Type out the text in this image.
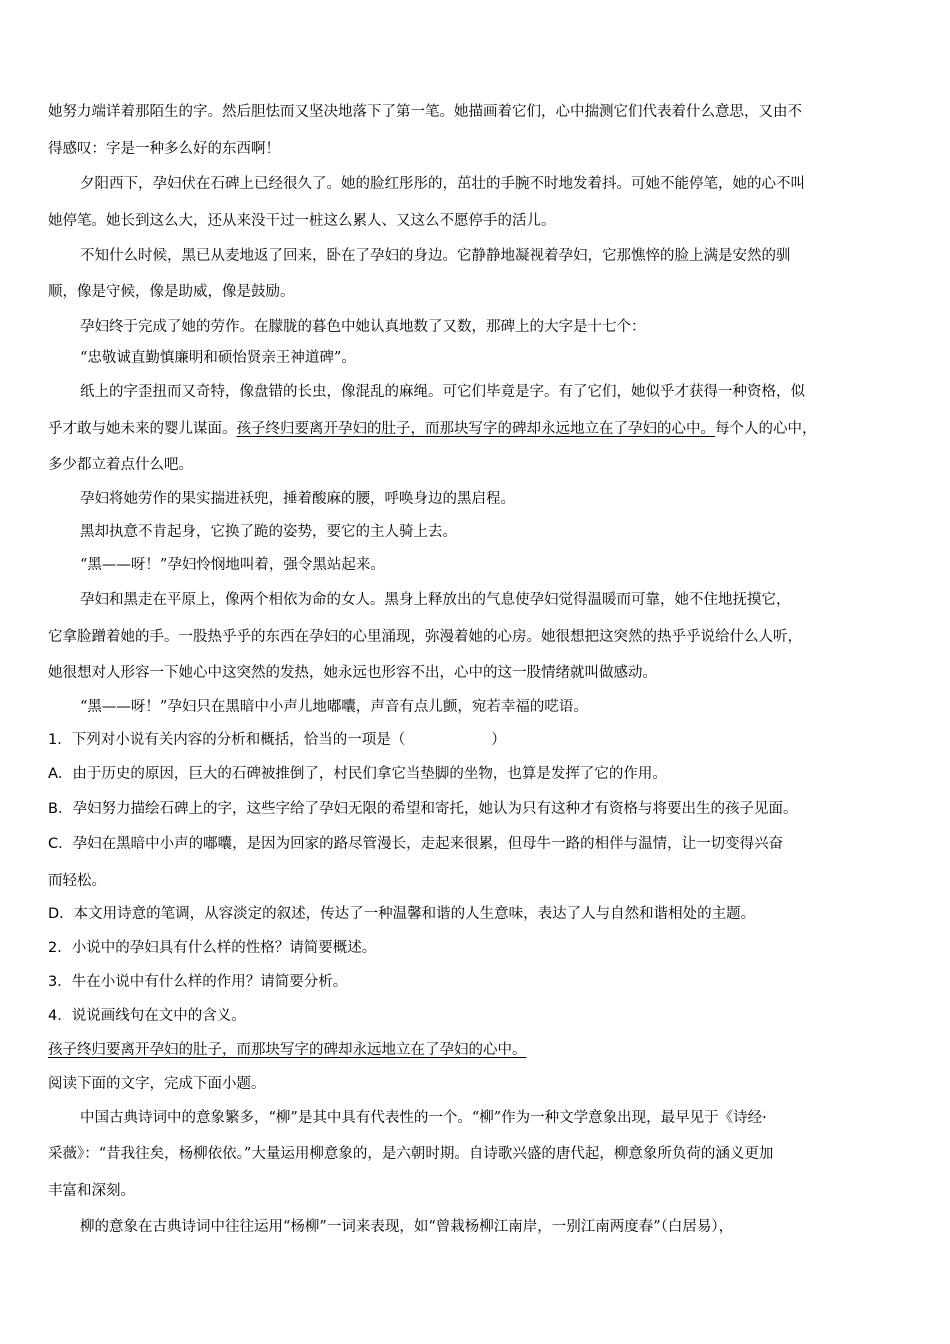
她努力端详着那陌生的字。然后胆怯而又坚决地落下了第一笔。她描画着它们，心中揣测它们代表着什么意思，又由不

得感叹：字是一种多么好的东西啊！

夕阳西下，孕妇伏在石碑上已经很久了。她的脸红彤彤的，茁壮的手腕不时地发着抖。可她不能停笔，她的心不叫

她停笔。她长到这么大，还从来没干过一桩这么累人、又这么不愿停手的活儿。

不知什么时候，黑已从麦地返了回来，卧在了孕妇的身边。它静静地凝视着孕妇，它那憔悴的脸上满是安然的驯

顺，像是守候，像是助威，像是鼓励。

孕妇终于完成了她的劳作。在朦胧的暮色中她认真地数了又数，那碑上的大字是十七个：

“忠敬诚直勤慎廉明和硕怡贤亲王神道碑”。

纸上的字歪扭而又奇特，像盘错的长虫，像混乱的麻绳。可它们毕竟是字。有了它们，她似乎才获得一种资格，似

乎才敢与她未来的婴儿谋面。孩子终归要离开孕妇的肚子，而那块写字的碑却永远地立在了孕妇的心中。每个人的心中，

多少都立着点什么吧。

孕妇将她劳作的果实揣进袄兜，捶着酸麻的腰，呼唤身边的黑启程。

黑却执意不肯起身，它换了跪的姿势，要它的主人骑上去。

“黑——呀！”孕妇怜悯地叫着，强令黑站起来。

孕妇和黑走在平原上，像两个相依为命的女人。黑身上释放出的气息使孕妇觉得温暖而可靠，她不住地抚摸它，

它拿脸蹭着她的手。一股热乎乎的东西在孕妇的心里涌现，弥漫着她的心房。她很想把这突然的热乎乎说给什么人听，

她很想对人形容一下她心中这突然的发热，她永远也形容不出，心中的这一股情绪就叫做感动。

“黑——呀！”孕妇只在黑暗中小声儿地嘟囔，声音有点儿颤，宛若幸福的呓语。

1．下列对小说有关内容的分析和概括，恰当的一项是（	）

A．由于历史的原因，巨大的石碑被推倒了，村民们拿它当垫脚的坐物，也算是发挥了它的作用。

B．孕妇努力描绘石碑上的字，这些字给了孕妇无限的希望和寄托，她认为只有这种才有资格与将要出生的孩子见面。

C．孕妇在黑暗中小声的嘟囔，是因为回家的路尽管漫长，走起来很累，但母牛一路的相伴与温情，让一切变得兴奋

而轻松。

D．本文用诗意的笔调，从容淡定的叙述，传达了一种温馨和谐的人生意味，表达了人与自然和谐相处的主题。

2．小说中的孕妇具有什么样的性格？请简要概述。

3．牛在小说中有什么样的作用？请简要分析。

4．说说画线句在文中的含义。

孩子终归要离开孕妇的肚子，而那块写字的碑却永远地立在了孕妇的心中。

阅读下面的文字，完成下面小题。

中国古典诗词中的意象繁多，“柳”是其中具有代表性的一个。“柳”作为一种文学意象出现，最早见于《诗经·

采薇》：“昔我往矣，杨柳依依。”大量运用柳意象的，是六朝时期。自诗歌兴盛的唐代起，柳意象所负荷的涵义更加

丰富和深刻。

柳的意象在古典诗词中往往运用“杨柳”一词来表现，如“曾栽杨柳江南岸，一别江南两度春”（白居易），
